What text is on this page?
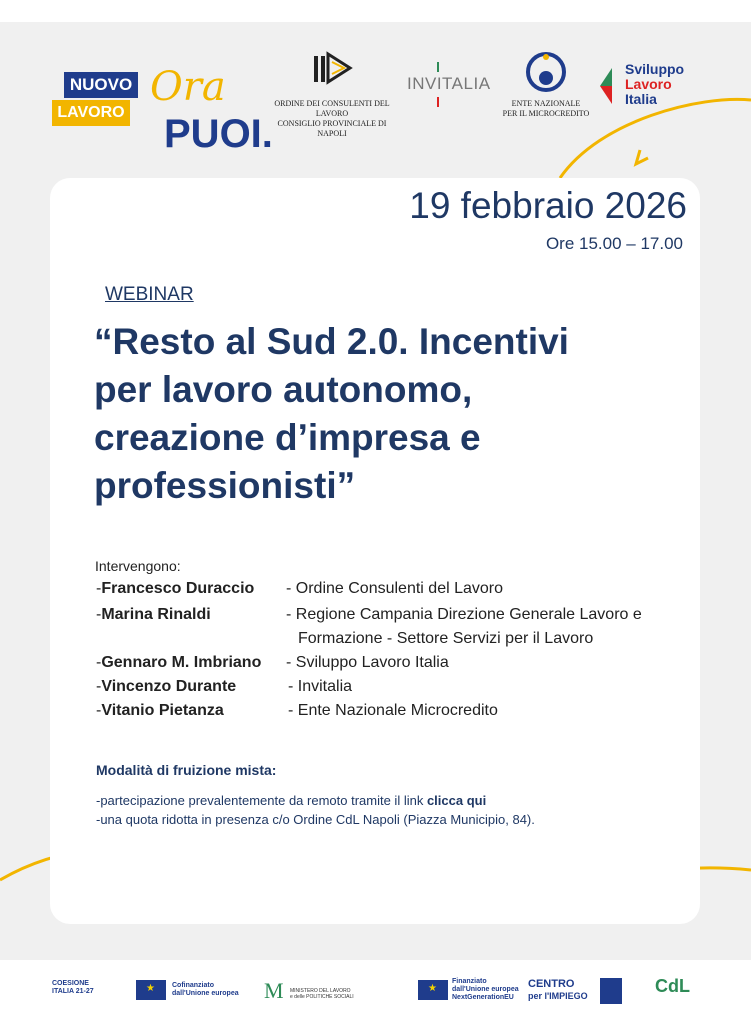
NUOVO
LAVORO
Ora
PUOI.
ORDINE DEI CONSULENTI DEL LAVORO
CONSIGLIO PROVINCIALE DI NAPOLI
INVITALIA
ENTE NAZIONALE
PER IL MICROCREDITO
Sviluppo
Lavoro
Italia
19 febbraio 2026
Ore 15.00 – 17.00
WEBINAR
“Resto al Sud 2.0. Incentivi
per lavoro autonomo,
creazione d’impresa e
professionisti”
Intervengono:
-Francesco Duraccio - Ordine Consulenti del Lavoro
-Marina Rinaldi	- Regione Campania Direzione Generale Lavoro e
Formazione - Settore Servizi per il Lavoro
-Gennaro M. Imbriano - Sviluppo Lavoro Italia
-Vincenzo Durante	- Invitalia
-Vitanio Pietanza	- Ente Nazionale Microcredito
Modalità di fruizione mista:
-partecipazione prevalentemente da remoto tramite il link clicca qui
-una quota ridotta in presenza c/o Ordine CdL Napoli (Piazza Municipio, 84).
COESIONE
ITALIA 21-27
★
Cofinanziato
dall'Unione europea M MINISTERO DEL LAVORO
e delle POLITICHE SOCIALI
★
Finanziato
dall'Unione europea
NextGenerationEU
CENTRO
per l'IMPIEGO	CdL
